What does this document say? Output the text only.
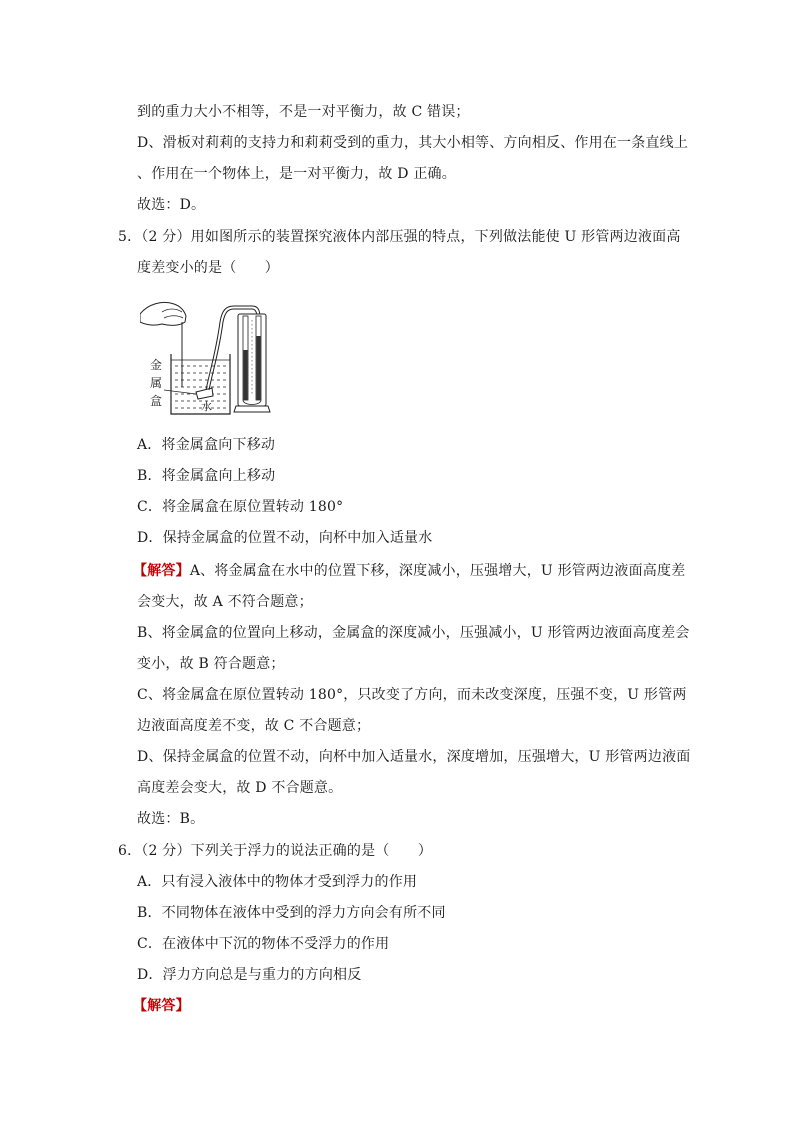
到的重力大小不相等，不是一对平衡力，故 C 错误；
D、滑板对莉莉的支持力和莉莉受到的重力，其大小相等、方向相反、作用在一条直线上
、作用在一个物体上，是一对平衡力，故 D 正确。
故选：D。
5．（2 分）用如图所示的装置探究液体内部压强的特点，下列做法能使 U 形管两边液面高
度差变小的是（　　）
金
属
盒	水
A．将金属盒向下移动
B．将金属盒向上移动
C．将金属盒在原位置转动 180°
D．保持金属盒的位置不动，向杯中加入适量水
【解答】A、将金属盒在水中的位置下移，深度减小，压强增大，U 形管两边液面高度差
会变大，故 A 不符合题意；
B、将金属盒的位置向上移动，金属盒的深度减小，压强减小，U 形管两边液面高度差会
变小，故 B 符合题意；
C、将金属盒在原位置转动 180°，只改变了方向，而未改变深度，压强不变，U 形管两
边液面高度差不变，故 C 不合题意；
D、保持金属盒的位置不动，向杯中加入适量水，深度增加，压强增大，U 形管两边液面
高度差会变大，故 D 不合题意。
故选：B。
6．（2 分）下列关于浮力的说法正确的是（　　）
A．只有浸入液体中的物体才受到浮力的作用
B．不同物体在液体中受到的浮力方向会有所不同
C．在液体中下沉的物体不受浮力的作用
D．浮力方向总是与重力的方向相反
【解答】
